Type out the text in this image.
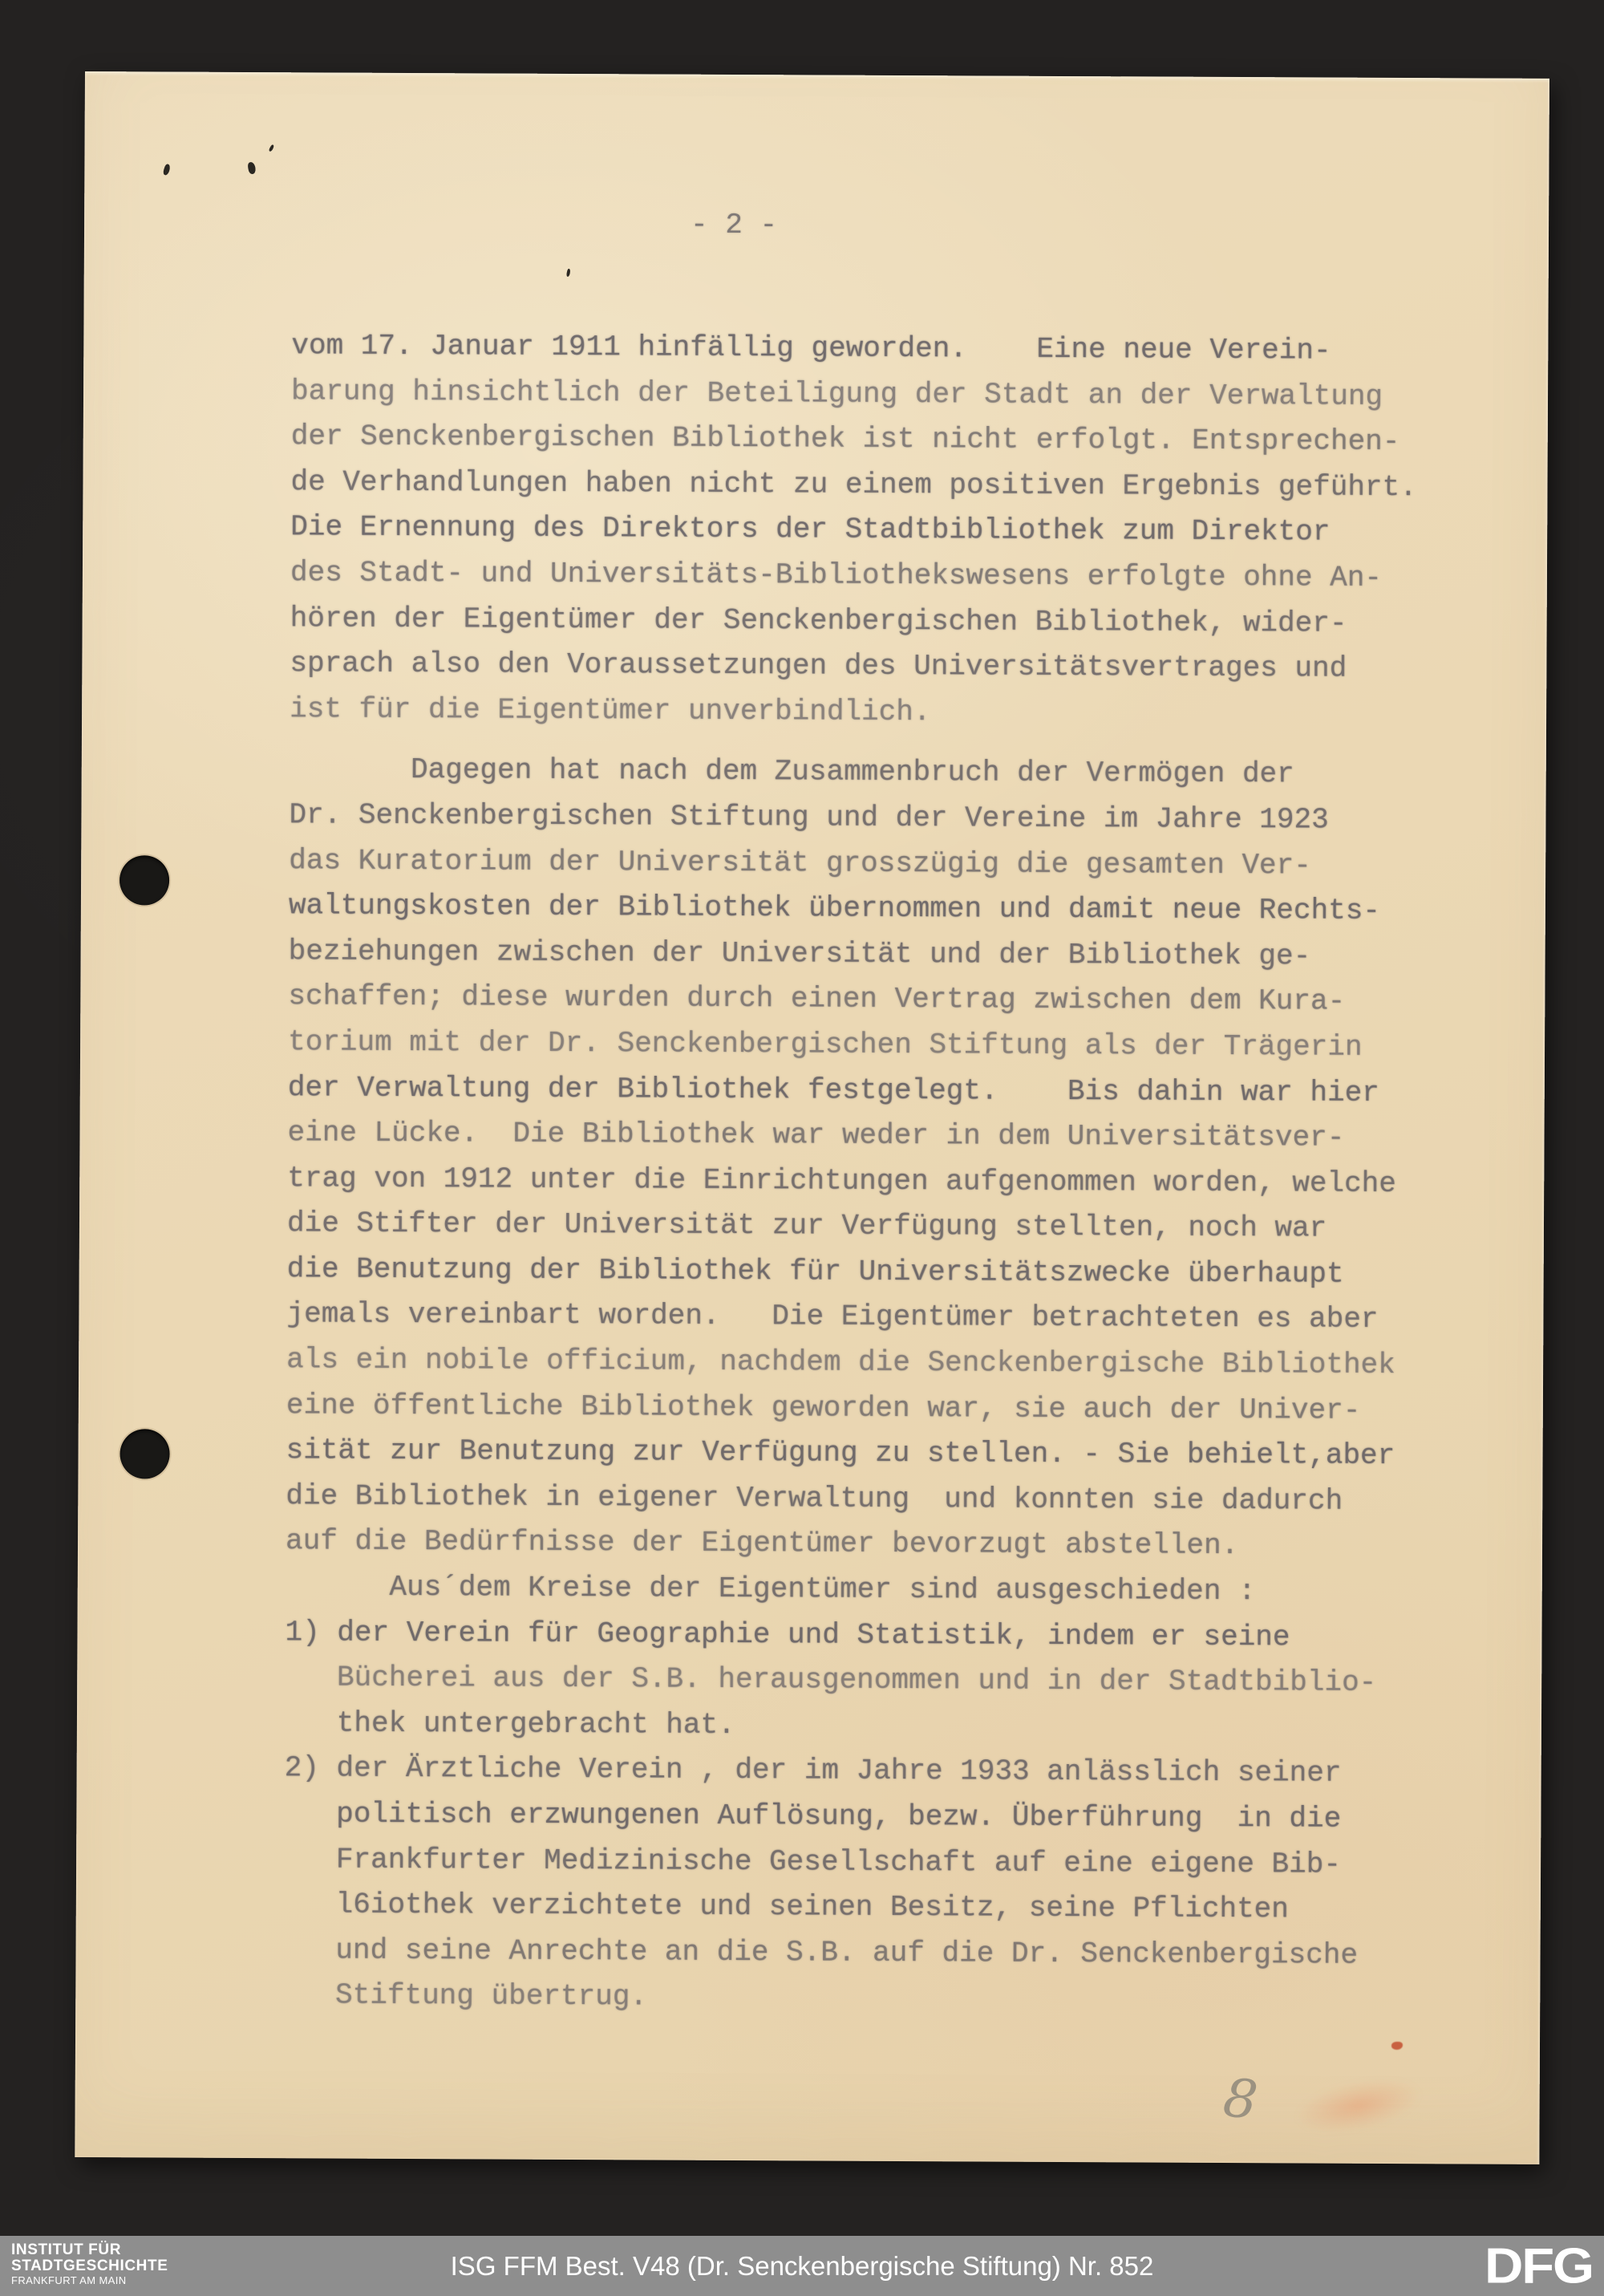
- 2 -
vom 17. Januar 1911 hinfällig geworden.    Eine neue Verein-
barung hinsichtlich der Beteiligung der Stadt an der Verwaltung
der Senckenbergischen Bibliothek ist nicht erfolgt. Entsprechen-
de Verhandlungen haben nicht zu einem positiven Ergebnis geführt.
Die Ernennung des Direktors der Stadtbibliothek zum Direktor
des Stadt- und Universitäts-Bibliothekswesens erfolgte ohne An-
hören der Eigentümer der Senckenbergischen Bibliothek, wider-
sprach also den Voraussetzungen des Universitätsvertrages und
ist für die Eigentümer unverbindlich.
Dagegen hat nach dem Zusammenbruch der Vermögen der
Dr. Senckenbergischen Stiftung und der Vereine im Jahre 1923
das Kuratorium der Universität grosszügig die gesamten Ver-
waltungskosten der Bibliothek übernommen und damit neue Rechts-
beziehungen zwischen der Universität und der Bibliothek ge-
schaffen; diese wurden durch einen Vertrag zwischen dem Kura-
torium mit der Dr. Senckenbergischen Stiftung als der Trägerin
der Verwaltung der Bibliothek festgelegt.    Bis dahin war hier
eine Lücke.  Die Bibliothek war weder in dem Universitätsver-
trag von 1912 unter die Einrichtungen aufgenommen worden, welche
die Stifter der Universität zur Verfügung stellten, noch war
die Benutzung der Bibliothek für Universitätszwecke überhaupt
jemals vereinbart worden.   Die Eigentümer betrachteten es aber
als ein nobile officium, nachdem die Senckenbergische Bibliothek
eine öffentliche Bibliothek geworden war, sie auch der Univer-
sität zur Benutzung zur Verfügung zu stellen. - Sie behielt,aber
die Bibliothek in eigener Verwaltung  und konnten sie dadurch
auf die Bedürfnisse der Eigentümer bevorzugt abstellen.
Aus´dem Kreise der Eigentümer sind ausgeschieden :
1) der Verein für Geographie und Statistik, indem er seine
Bücherei aus der S.B. herausgenommen und in der Stadtbiblio-
thek untergebracht hat.
2) der Ärztliche Verein , der im Jahre 1933 anlässlich seiner
politisch erzwungenen Auflösung, bezw. Überführung  in die
Frankfurter Medizinische Gesellschaft auf eine eigene Bib-
l6iothek verzichtete und seinen Besitz, seine Pflichten
und seine Anrechte an die S.B. auf die Dr. Senckenbergische
Stiftung übertrug.
8
INSTITUT FÜR
STADTGESCHICHTE
FRANKFURT AM MAIN	ISG FFM Best. V48 (Dr. Senckenbergische Stiftung) Nr. 852	DFG
